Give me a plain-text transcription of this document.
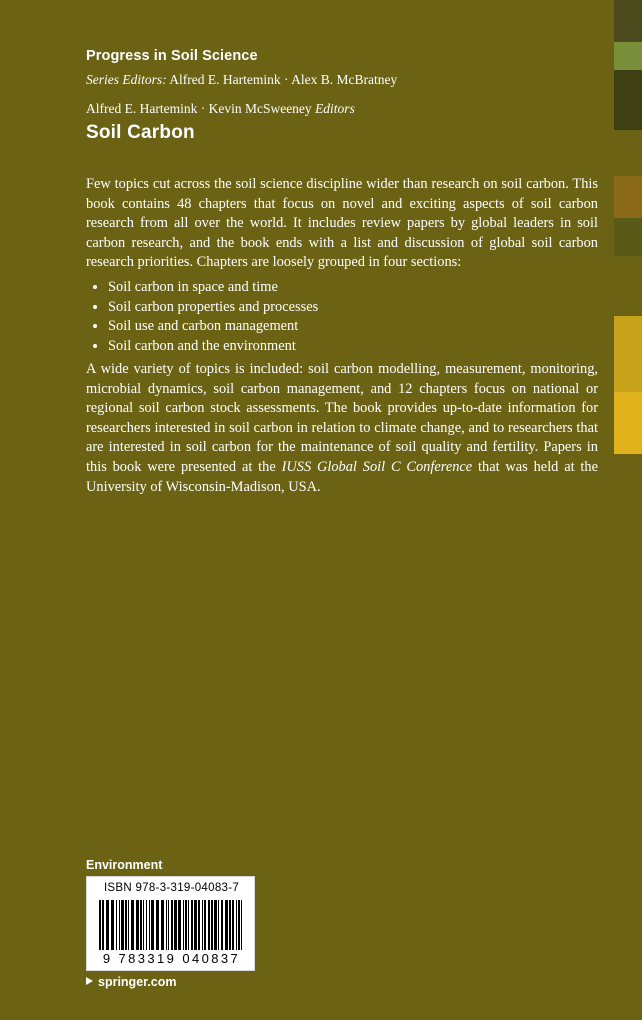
Progress in Soil Science
Series Editors: Alfred E. Hartemink · Alex B. McBratney
Alfred E. Hartemink · Kevin McSweeney Editors
Soil Carbon
Few topics cut across the soil science discipline wider than research on soil carbon. This book contains 48 chapters that focus on novel and exciting aspects of soil carbon research from all over the world. It includes review papers by global leaders in soil carbon research, and the book ends with a list and discussion of global soil carbon research priorities. Chapters are loosely grouped in four sections:
• Soil carbon in space and time
• Soil carbon properties and processes
• Soil use and carbon management
• Soil carbon and the environment
A wide variety of topics is included: soil carbon modelling, measurement, monitoring, microbial dynamics, soil carbon management, and 12 chapters focus on national or regional soil carbon stock assessments. The book provides up-to-date information for researchers interested in soil carbon in relation to climate change, and to researchers that are interested in soil carbon for the maintenance of soil quality and fertility. Papers in this book were presented at the IUSS Global Soil C Conference that was held at the University of Wisconsin-Madison, USA.
Environment
ISBN 978-3-319-04083-7
9 783319 040837
springer.com
